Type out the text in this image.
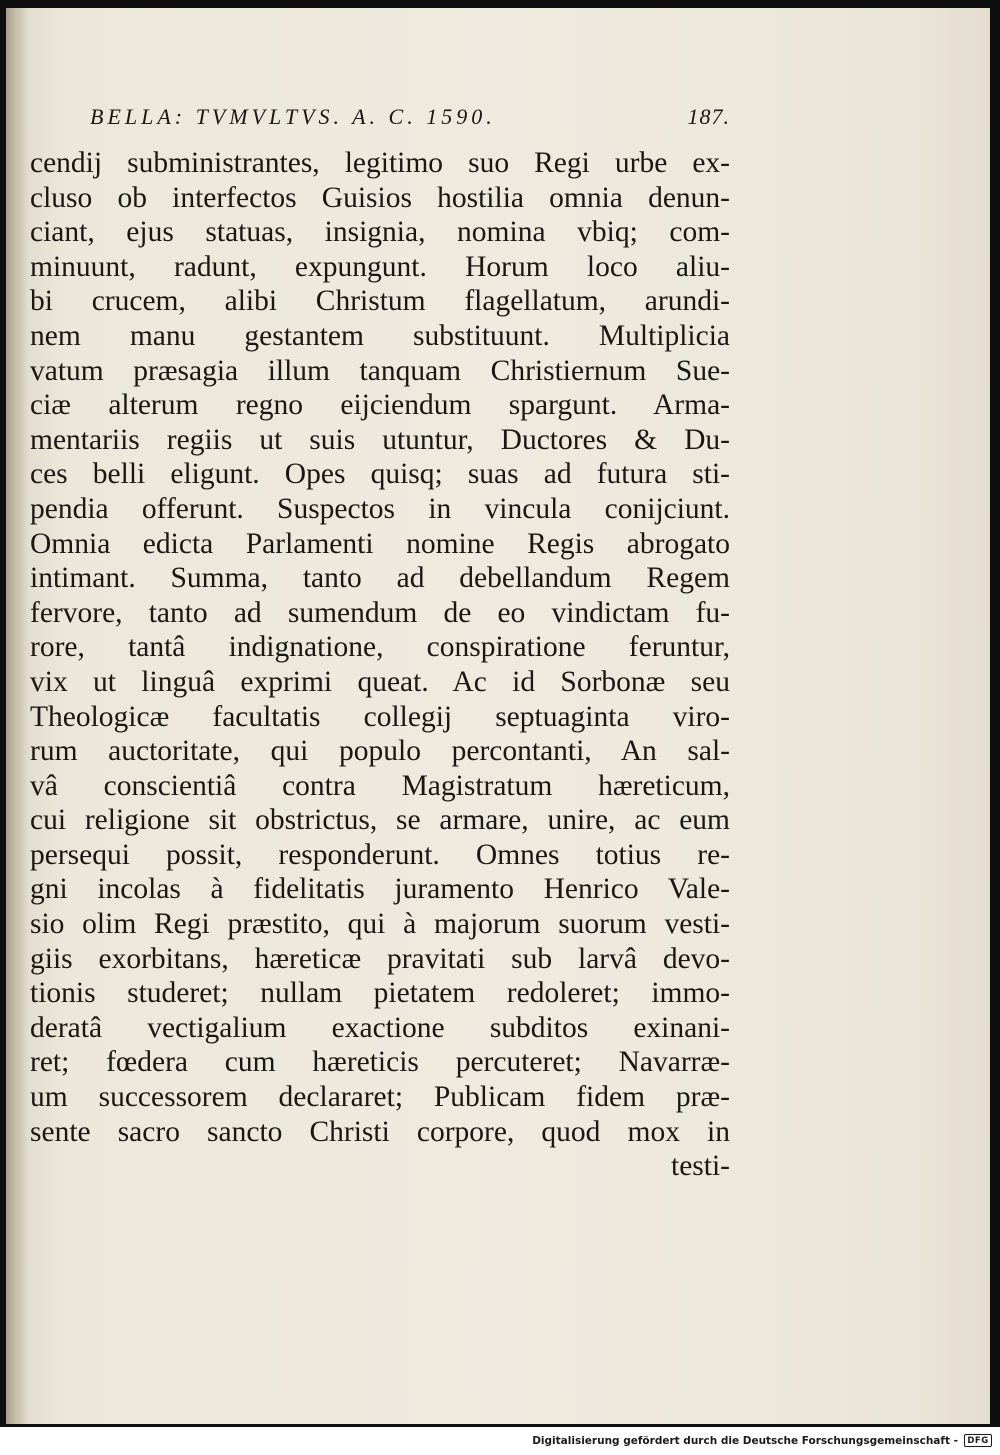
BELLA: TVMVLTVS. A. C. 1590.	187.
cendij subministrantes, legitimo suo Regi urbe ex-
cluso ob interfectos Guisios hostilia omnia denun-
ciant, ejus statuas, insignia, nomina vbiq; com-
minuunt, radunt, expungunt. Horum loco aliu-
bi crucem, alibi Christum flagellatum, arundi-
nem manu gestantem substituunt. Multiplicia
vatum præsagia illum tanquam Christiernum Sue-
ciæ alterum regno eijciendum spargunt. Arma-
mentariis regiis ut suis utuntur, Ductores & Du-
ces belli eligunt. Opes quisq; suas ad futura sti-
pendia offerunt. Suspectos in vincula conijciunt.
Omnia edicta Parlamenti nomine Regis abrogato
intimant. Summa, tanto ad debellandum Regem
fervore, tanto ad sumendum de eo vindictam fu-
rore, tantâ indignatione, conspiratione feruntur,
vix ut linguâ exprimi queat. Ac id Sorbonæ seu
Theologicæ facultatis collegij septuaginta viro-
rum auctoritate, qui populo percontanti, An sal-
vâ conscientiâ contra Magistratum hæreticum,
cui religione sit obstrictus, se armare, unire, ac eum
persequi possit, responderunt. Omnes totius re-
gni incolas à fidelitatis juramento Henrico Vale-
sio olim Regi præstito, qui à majorum suorum vesti-
giis exorbitans, hæreticæ pravitati sub larvâ devo-
tionis studeret; nullam pietatem redoleret; immo-
deratâ vectigalium exactione subditos exinani-
ret; fœdera cum hæreticis percuteret; Navarræ-
um successorem declararet; Publicam fidem præ-
sente sacro sancto Christi corpore, quod mox in
testi-
Digitalisierung gefördert durch die Deutsche Forschungsgemeinschaft -	DFG
